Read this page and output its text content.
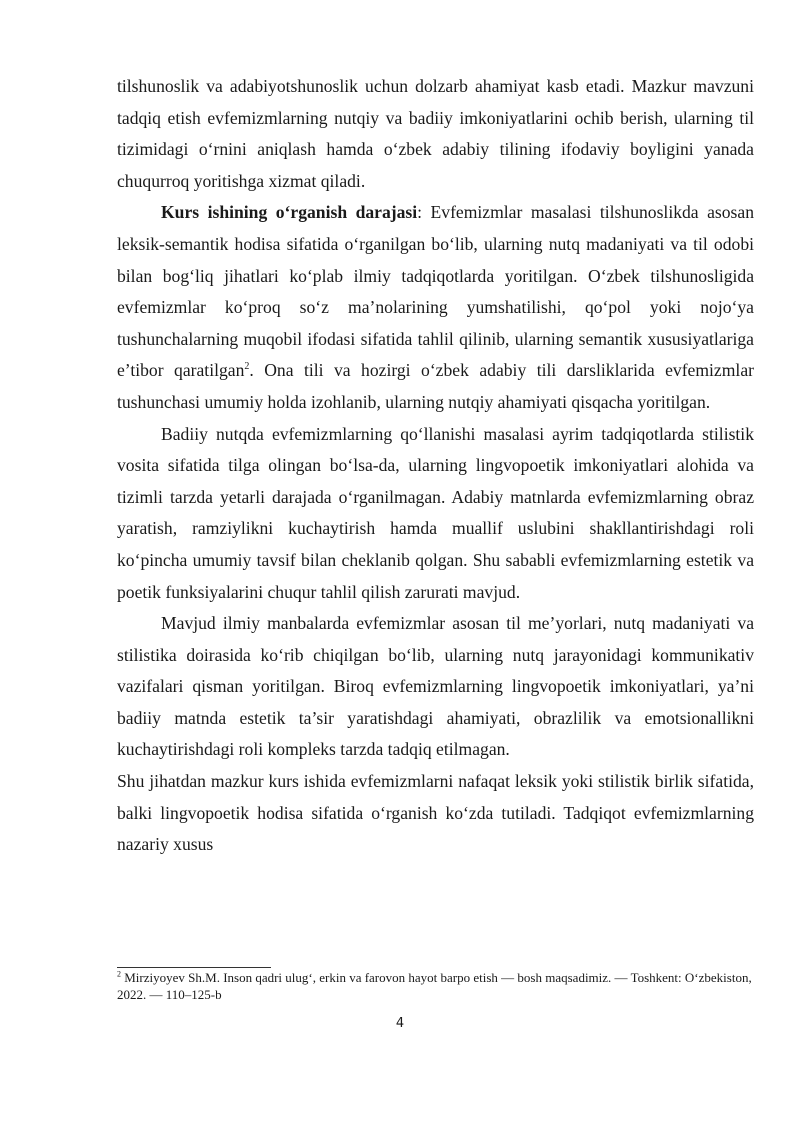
tilshunoslik va adabiyotshunoslik uchun dolzarb ahamiyat kasb etadi. Mazkur mavzuni tadqiq etish evfemizmlarning nutqiy va badiiy imkoniyatlarini ochib berish, ularning til tizimidagi o‘rnini aniqlash hamda o‘zbek adabiy tilining ifodaviy boyligini yanada chuqurroq yoritishga xizmat qiladi.

Kurs ishining o‘rganish darajasi: Evfemizmlar masalasi tilshunoslikda asosan leksik-semantik hodisa sifatida o‘rganilgan bo‘lib, ularning nutq madaniyati va til odobi bilan bog‘liq jihatlari ko‘plab ilmiy tadqiqotlarda yoritilgan. O‘zbek tilshunosligida evfemizmlar ko‘proq so‘z ma’nolarining yumshatilishi, qo‘pol yoki nojo‘ya tushunchalarning muqobil ifodasi sifatida tahlil qilinib, ularning semantik xususiyatlariga e’tibor qaratilgan$^2$. Ona tili va hozirgi o‘zbek adabiy tili darsliklarida evfemizmlar tushunchasi umumiy holda izohlanib, ularning nutqiy ahamiyati qisqacha yoritilgan.

Badiiy nutqda evfemizmlarning qo‘llanishi masalasi ayrim tadqiqotlarda stilistik vosita sifatida tilga olingan bo‘lsa-da, ularning lingvopoetik imkoniyatlari alohida va tizimli tarzda yetarli darajada o‘rganilmagan. Adabiy matnlarda evfemizmlarning obraz yaratish, ramziylikni kuchaytirish hamda muallif uslubini shakllantirishdagi roli ko‘pincha umumiy tavsif bilan cheklanib qolgan. Shu sababli evfemizmlarning estetik va poetik funksiyalarini chuqur tahlil qilish zarurati mavjud.

Mavjud ilmiy manbalarda evfemizmlar asosan til me’yorlari, nutq madaniyati va stilistika doirasida ko‘rib chiqilgan bo‘lib, ularning nutq jarayonidagi kommunikativ vazifalari qisman yoritilgan. Biroq evfemizmlarning lingvopoetik imkoniyatlari, ya’ni badiiy matnda estetik ta’sir yaratishdagi ahamiyati, obrazlilik va emotsionallikni kuchaytirishdagi roli kompleks tarzda tadqiq etilmagan.

Shu jihatdan mazkur kurs ishida evfemizmlarni nafaqat leksik yoki stilistik birlik sifatida, balki lingvopoetik hodisa sifatida o‘rganish ko‘zda tutiladi. Tadqiqot evfemizmlarning nazariy xusus

$^2$ Mirziyoyev Sh.M. Inson qadri ulug‘, erkin va farovon hayot barpo etish — bosh maqsadimiz. — Toshkent: O‘zbekiston, 2022. — 110–125-b

4
